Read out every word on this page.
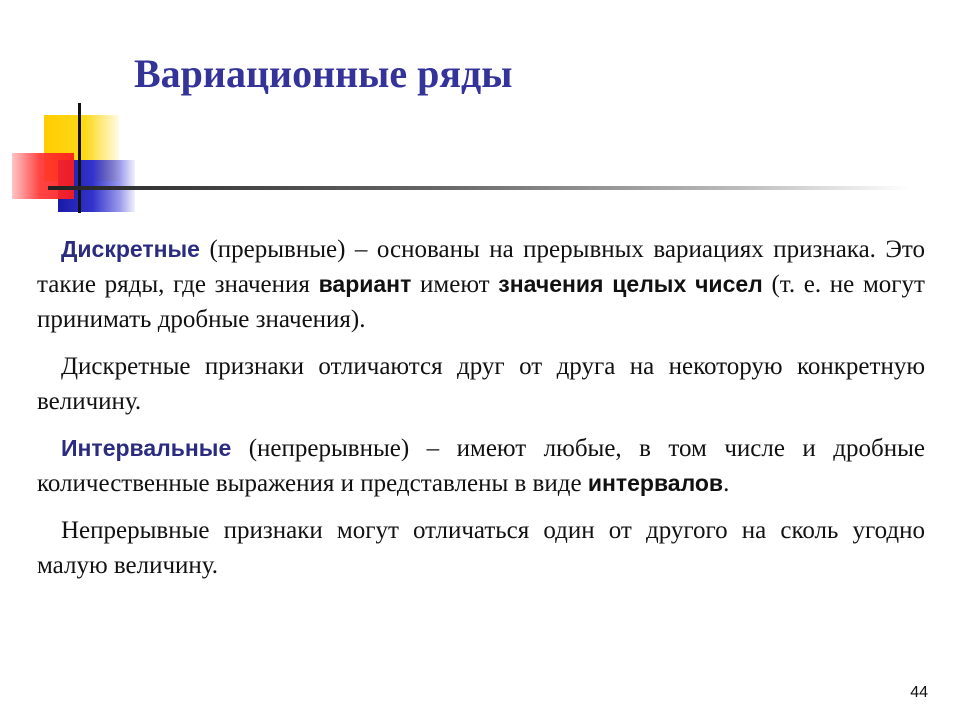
Вариационные ряды

Дискретные (прерывные) – основаны на прерывных вариациях признака. Это такие ряды, где значения вариант имеют значения целых чисел (т. е. не могут принимать дробные значения).

Дискретные признаки отличаются друг от друга на некоторую конкретную величину.

Интервальные (непрерывные) – имеют любые, в том числе и дробные количественные выражения и представлены в виде интервалов.

Непрерывные признаки могут отличаться один от другого на сколь угодно малую величину.

44
